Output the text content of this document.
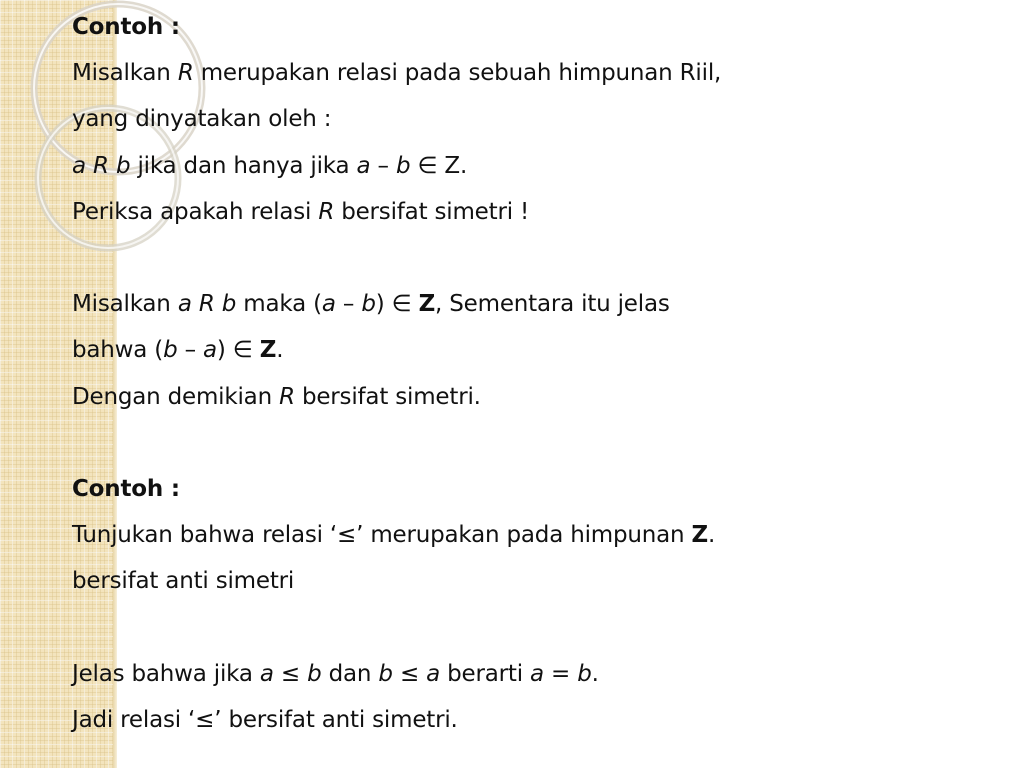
Contoh :
Misalkan R merupakan relasi pada sebuah himpunan Riil,
yang dinyatakan oleh :
a R b jika dan hanya jika a – b ∈ Z.
Periksa apakah relasi R bersifat simetri !
Misalkan a R b maka (a – b) ∈ Z, Sementara itu jelas
bahwa (b – a) ∈ Z.
Dengan demikian R bersifat simetri.
Contoh :
Tunjukan bahwa relasi ‘≤’ merupakan pada himpunan Z.
bersifat anti simetri
Jelas bahwa jika a ≤ b dan b ≤ a berarti a = b.
Jadi relasi ‘≤’ bersifat anti simetri.
